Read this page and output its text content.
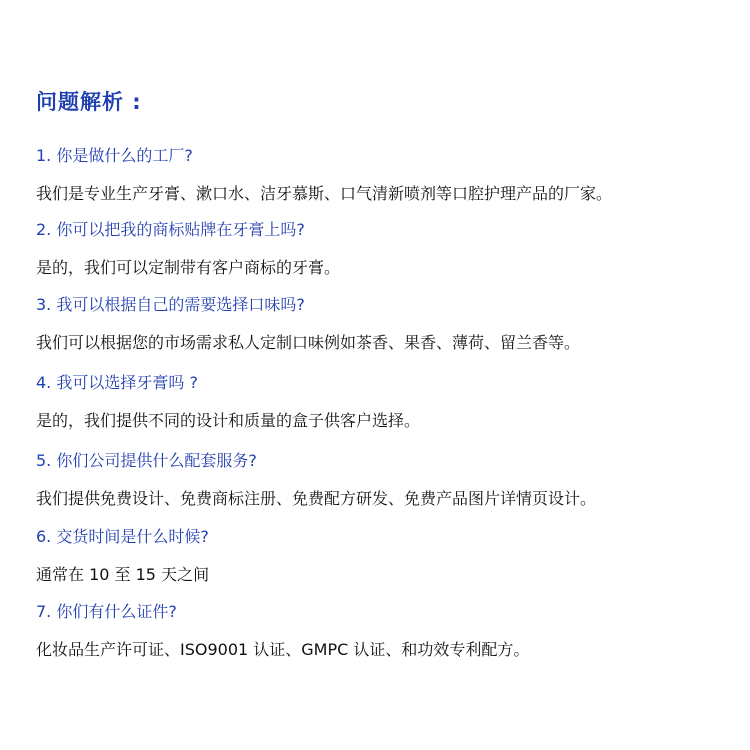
问题解析 :
1. 你是做什么的工厂?
我们是专业生产牙膏、漱口水、洁牙慕斯、口气清新喷剂等口腔护理产品的厂家。
2. 你可以把我的商标贴牌在牙膏上吗?
是的，我们可以定制带有客户商标的牙膏。
3. 我可以根据自己的需要选择口味吗?
我们可以根据您的市场需求私人定制口味例如茶香、果香、薄荷、留兰香等。
4. 我可以选择牙膏吗 ?
是的，我们提供不同的设计和质量的盒子供客户选择。
5. 你们公司提供什么配套服务?
我们提供免费设计、免费商标注册、免费配方研发、免费产品图片详情页设计。
6. 交货时间是什么时候?
通常在 10 至 15 天之间
7. 你们有什么证件?
化妆品生产许可证、ISO9001 认证、GMPC 认证、和功效专利配方。
